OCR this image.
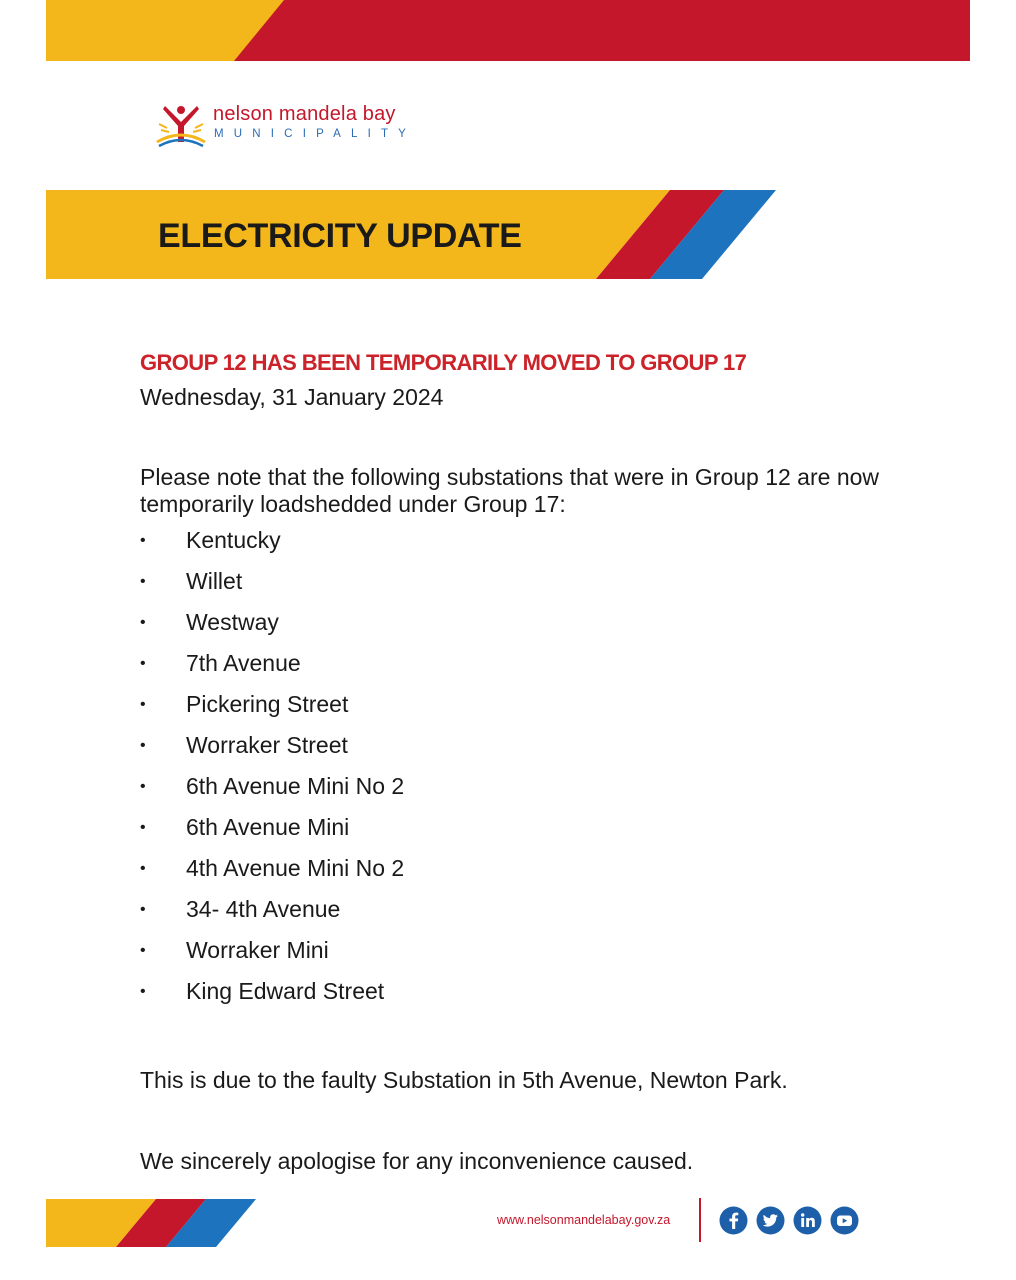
nelson mandela bay
MUNICIPALITY
ELECTRICITY UPDATE

GROUP 12 HAS BEEN TEMPORARILY MOVED TO GROUP 17

Wednesday, 31 January 2024

Please note that the following substations that were in Group 12 are now temporarily loadshedded under Group 17:

• Kentucky
• Willet
• Westway
• 7th Avenue
• Pickering Street
• Worraker Street
• 6th Avenue Mini No 2
• 6th Avenue Mini
• 4th Avenue Mini No 2
• 34- 4th Avenue
• Worraker Mini
• King Edward Street

This is due to the faulty Substation in 5th Avenue, Newton Park.

We sincerely apologise for any inconvenience caused.

www.nelsonmandelabay.gov.za
